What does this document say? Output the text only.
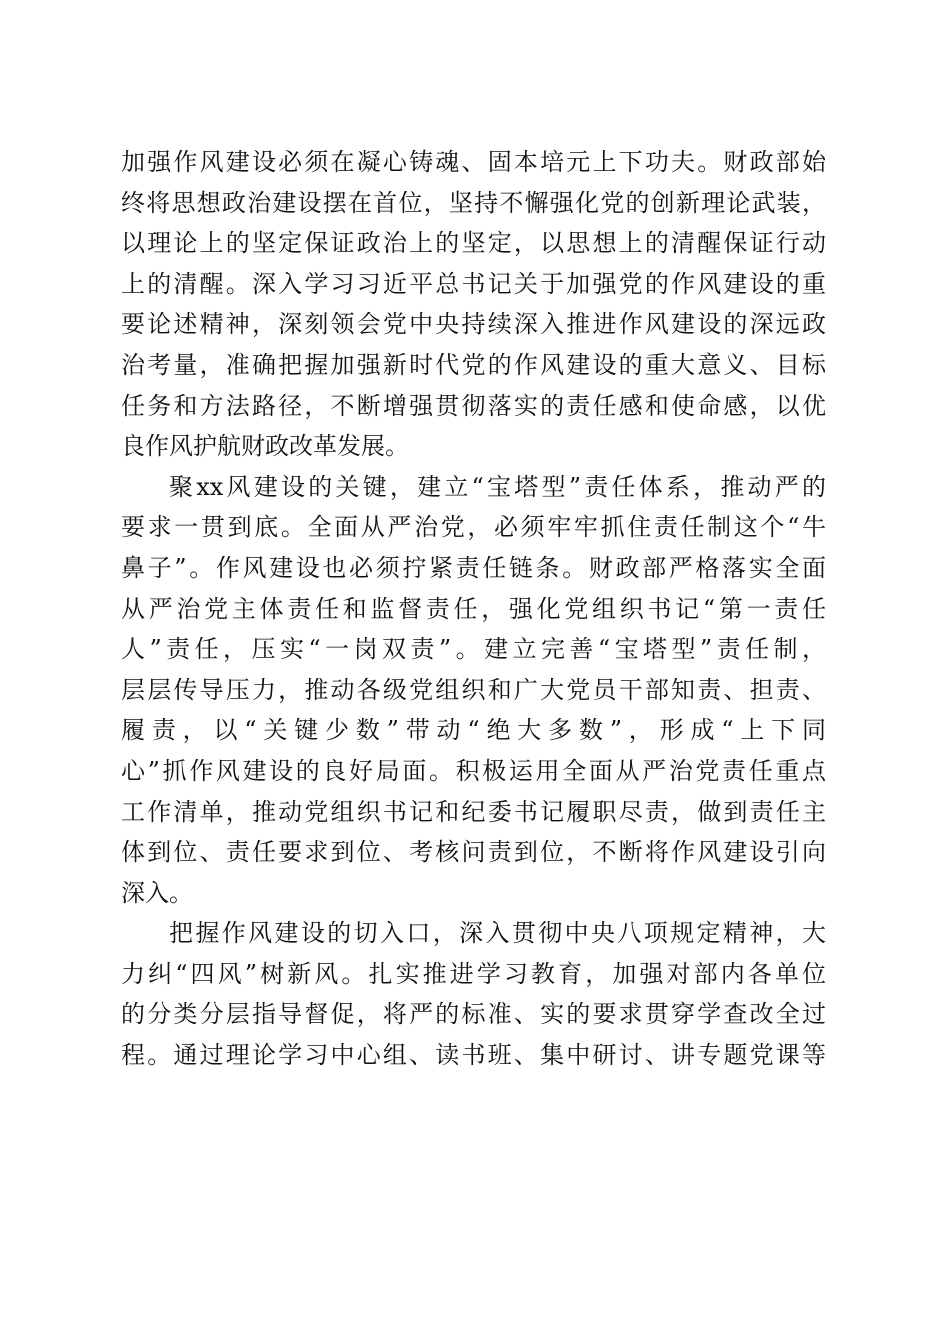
加强作风建设必须在凝心铸魂、固本培元上下功夫。财政部始
终将思想政治建设摆在首位，坚持不懈强化党的创新理论武装，
以理论上的坚定保证政治上的坚定，以思想上的清醒保证行动
上的清醒。深入学习习近平总书记关于加强党的作风建设的重
要论述精神，深刻领会党中央持续深入推进作风建设的深远政
治考量，准确把握加强新时代党的作风建设的重大意义、目标
任务和方法路径，不断增强贯彻落实的责任感和使命感，以优
良作风护航财政改革发展。
聚xx风建设的关键，建立“宝塔型”责任体系，推动严的
要求一贯到底。全面从严治党，必须牢牢抓住责任制这个“牛
鼻子”。作风建设也必须拧紧责任链条。财政部严格落实全面
从严治党主体责任和监督责任，强化党组织书记“第一责任
人”责任，压实“一岗双责”。建立完善“宝塔型”责任制，
层层传导压力，推动各级党组织和广大党员干部知责、担责、
履责，以“关键少数”带动“绝大多数”，形成“上下同
心”抓作风建设的良好局面。积极运用全面从严治党责任重点
工作清单，推动党组织书记和纪委书记履职尽责，做到责任主
体到位、责任要求到位、考核问责到位，不断将作风建设引向
深入。
把握作风建设的切入口，深入贯彻中央八项规定精神，大
力纠“四风”树新风。扎实推进学习教育，加强对部内各单位
的分类分层指导督促，将严的标准、实的要求贯穿学查改全过
程。通过理论学习中心组、读书班、集中研讨、讲专题党课等
